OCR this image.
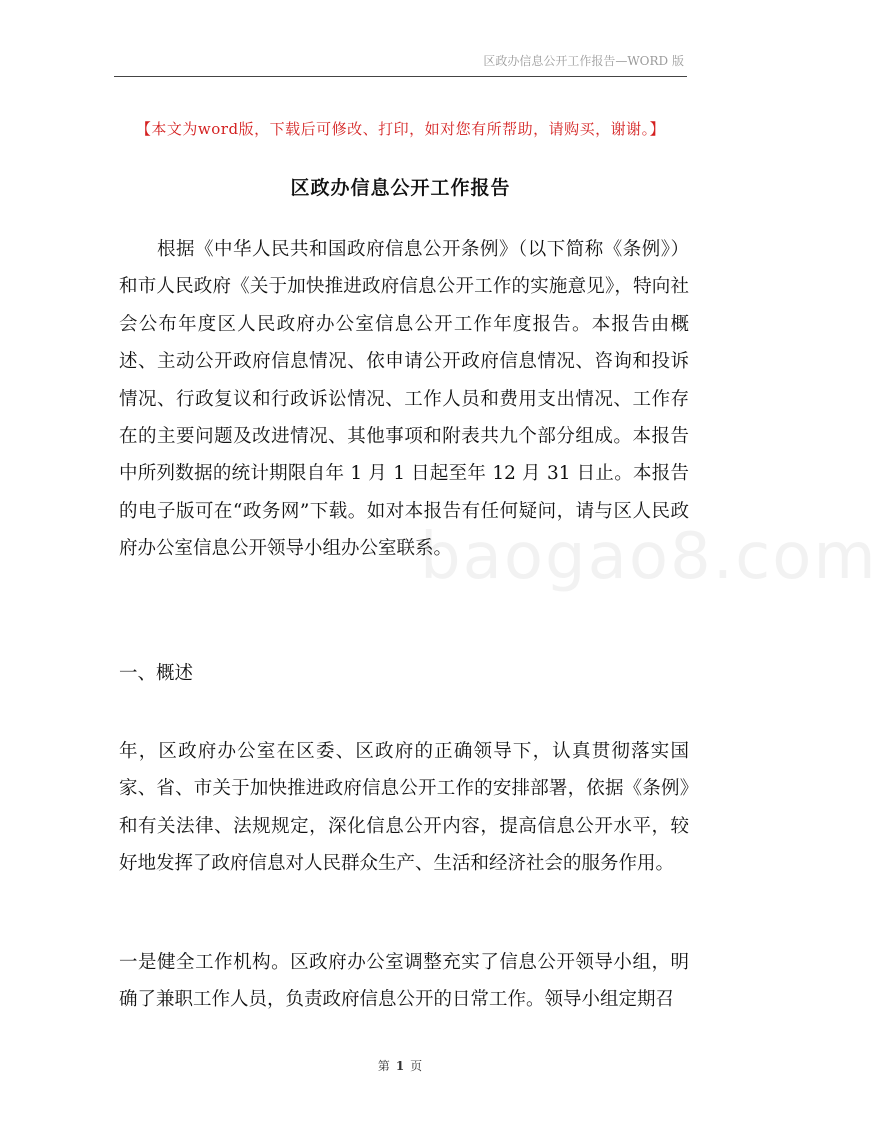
区政办信息公开工作报告—WORD 版
【本文为word版，下载后可修改、打印，如对您有所帮助，请购买，谢谢。】
区政办信息公开工作报告
根据《中华人民共和国政府信息公开条例》（以下简称《条例》）和市人民政府《关于加快推进政府信息公开工作的实施意见》，特向社会公布年度区人民政府办公室信息公开工作年度报告。本报告由概述、主动公开政府信息情况、依申请公开政府信息情况、咨询和投诉情况、行政复议和行政诉讼情况、工作人员和费用支出情况、工作存在的主要问题及改进情况、其他事项和附表共九个部分组成。本报告中所列数据的统计期限自年 1 月 1 日起至年 12 月 31 日止。本报告的电子版可在“政务网”下载。如对本报告有任何疑问，请与区人民政府办公室信息公开领导小组办公室联系。
baogao8.com
一、概述
年，区政府办公室在区委、区政府的正确领导下，认真贯彻落实国家、省、市关于加快推进政府信息公开工作的安排部署，依据《条例》和有关法律、法规规定，深化信息公开内容，提高信息公开水平，较好地发挥了政府信息对人民群众生产、生活和经济社会的服务作用。
一是健全工作机构。区政府办公室调整充实了信息公开领导小组，明确了兼职工作人员，负责政府信息公开的日常工作。领导小组定期召
第 1 页
